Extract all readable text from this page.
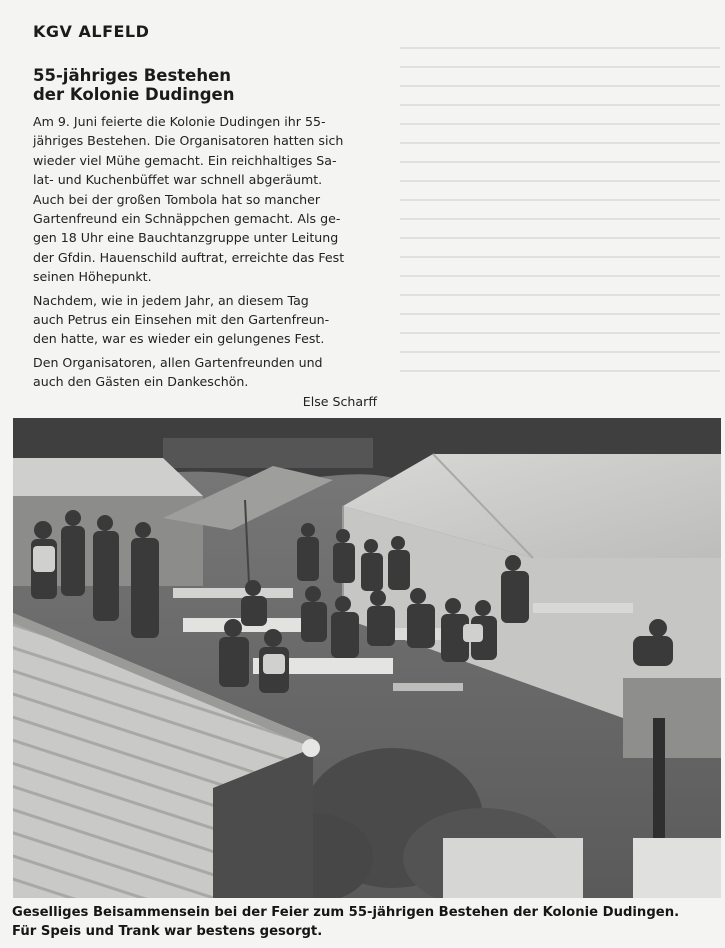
KGV ALFELD
55-jähriges Bestehen
der Kolonie Dudingen
Am 9. Juni feierte die Kolonie Dudingen ihr 55-
jähriges Bestehen. Die Organisatoren hatten sich
wieder viel Mühe gemacht. Ein reichhaltiges Sa-
lat- und Kuchenbüffet war schnell abgeräumt.
Auch bei der großen Tombola hat so mancher
Gartenfreund ein Schnäppchen gemacht. Als ge-
gen 18 Uhr eine Bauchtanzgruppe unter Leitung
der Gfdin. Hauenschild auftrat, erreichte das Fest
seinen Höhepunkt.
Nachdem, wie in jedem Jahr, an diesem Tag
auch Petrus ein Einsehen mit den Gartenfreun-
den hatte, war es wieder ein gelungenes Fest.
Den Organisatoren, allen Gartenfreunden und
auch den Gästen ein Dankeschön.
Else Scharff
Geselliges Beisammensein bei der Feier zum 55-jährigen Bestehen der Kolonie Dudingen.
Für Speis und Trank war bestens gesorgt.
